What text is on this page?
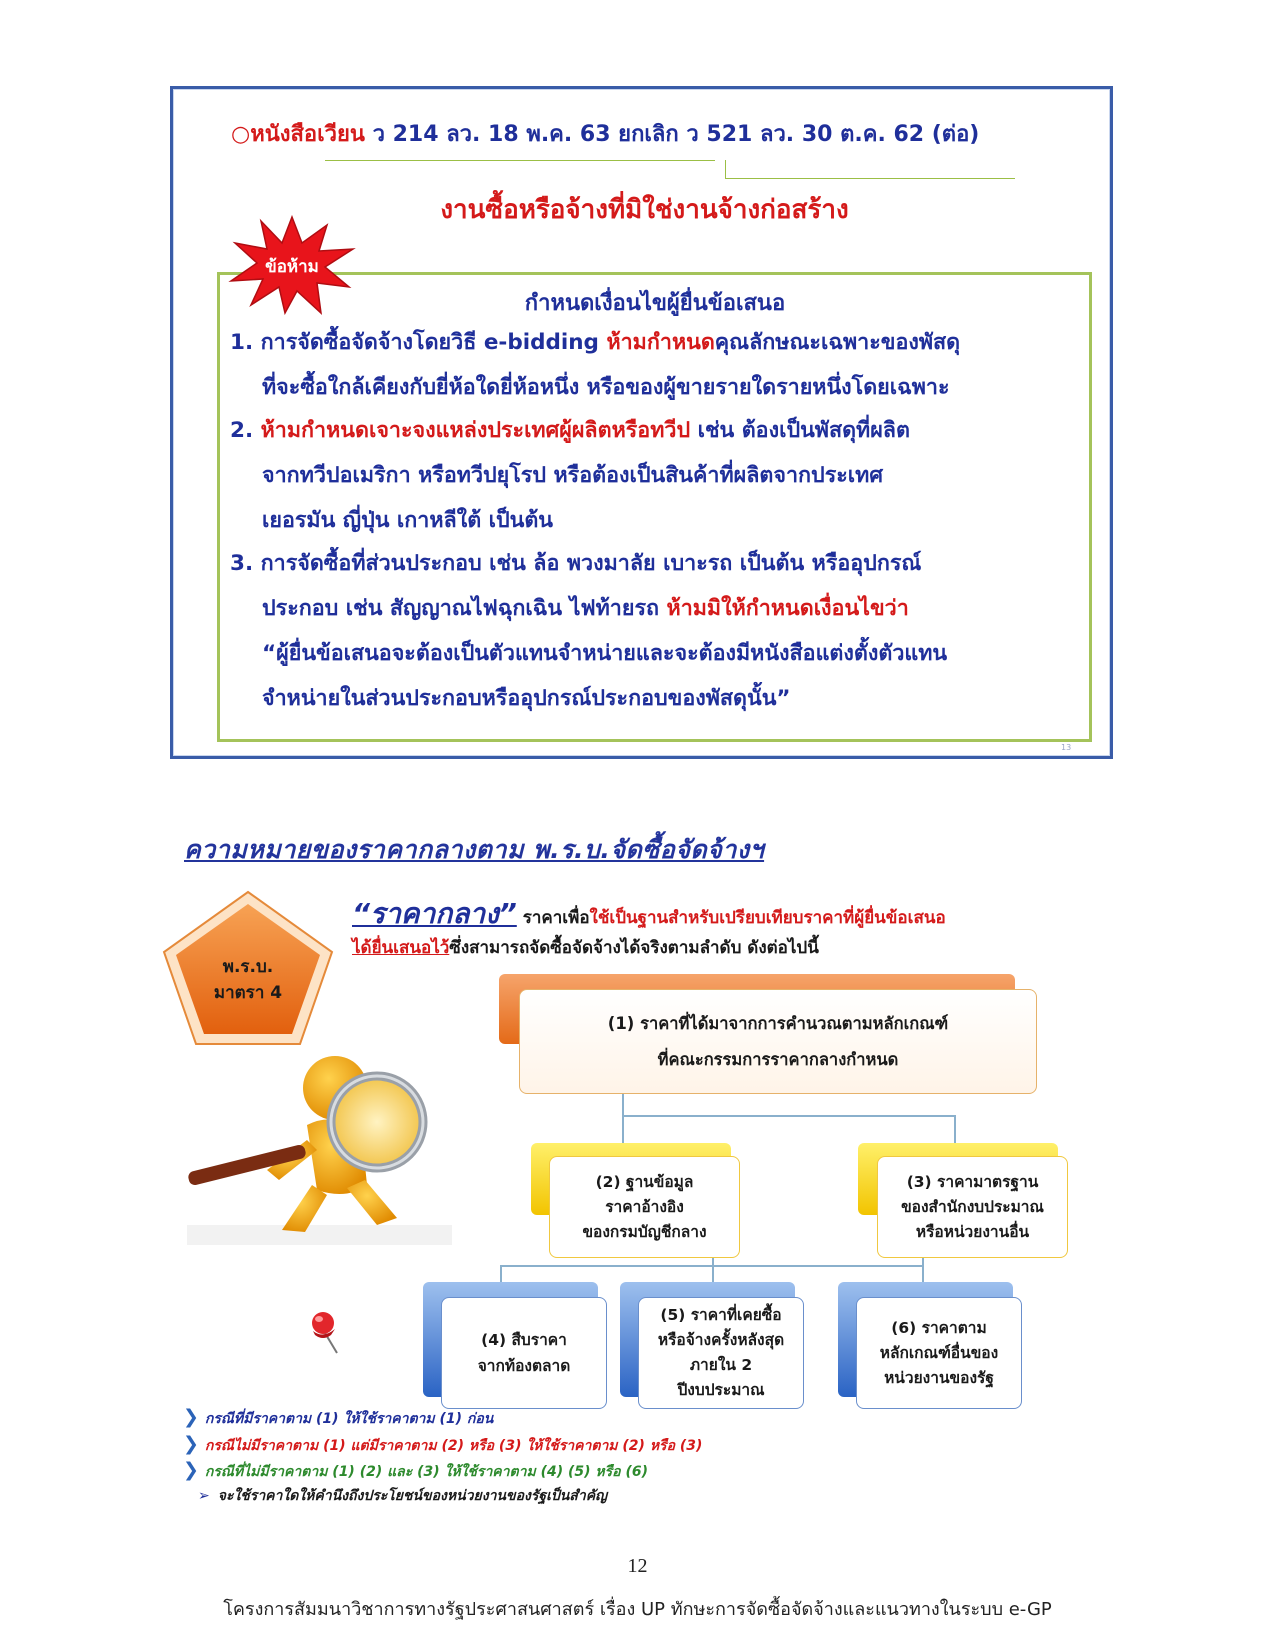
○หนังสือเวียน ว 214 ลว. 18 พ.ค. 63 ยกเลิก ว 521 ลว. 30 ต.ค. 62 (ต่อ)
งานซื้อหรือจ้างที่มิใช่งานจ้างก่อสร้าง
กำหนดเงื่อนไขผู้ยื่นข้อเสนอ
1. การจัดซื้อจัดจ้างโดยวิธี e-bidding ห้ามกำหนดคุณลักษณะเฉพาะของพัสดุ
ที่จะซื้อใกล้เคียงกับยี่ห้อใดยี่ห้อหนึ่ง หรือของผู้ขายรายใดรายหนึ่งโดยเฉพาะ
2. ห้ามกำหนดเจาะจงแหล่งประเทศผู้ผลิตหรือทวีป เช่น ต้องเป็นพัสดุที่ผลิต
จากทวีปอเมริกา หรือทวีปยุโรป หรือต้องเป็นสินค้าที่ผลิตจากประเทศ
เยอรมัน ญี่ปุ่น เกาหลีใต้ เป็นต้น
3. การจัดซื้อที่ส่วนประกอบ เช่น ล้อ พวงมาลัย เบาะรถ เป็นต้น หรืออุปกรณ์
ประกอบ เช่น สัญญาณไฟฉุกเฉิน ไฟท้ายรถ ห้ามมิให้กำหนดเงื่อนไขว่า
“ผู้ยื่นข้อเสนอจะต้องเป็นตัวแทนจำหน่ายและจะต้องมีหนังสือแต่งตั้งตัวแทน
จำหน่ายในส่วนประกอบหรืออุปกรณ์ประกอบของพัสดุนั้น”
ข้อห้าม
13
ความหมายของราคากลางตาม พ.ร.บ.จัดซื้อจัดจ้างฯ
พ.ร.บ.
มาตรา 4
“ราคากลาง” ราคาเพื่อใช้เป็นฐานสำหรับเปรียบเทียบราคาที่ผู้ยื่นข้อเสนอ
ได้ยื่นเสนอไว้ซึ่งสามารถจัดซื้อจัดจ้างได้จริงตามลำดับ ดังต่อไปนี้
(1) ราคาที่ได้มาจากการคำนวณตามหลักเกณฑ์
ที่คณะกรรมการราคากลางกำหนด
(2) ฐานข้อมูล
ราคาอ้างอิง
ของกรมบัญชีกลาง
(3) ราคามาตรฐาน
ของสำนักงบประมาณ
หรือหน่วยงานอื่น
(4) สืบราคา
จากท้องตลาด
(5) ราคาที่เคยซื้อ
หรือจ้างครั้งหลังสุด
ภายใน 2
ปีงบประมาณ
(6) ราคาตาม
หลักเกณฑ์อื่นของ
หน่วยงานของรัฐ
❯ กรณีที่มีราคาตาม (1) ให้ใช้ราคาตาม (1) ก่อน
❯ กรณีไม่มีราคาตาม (1) แต่มีราคาตาม (2) หรือ (3) ให้ใช้ราคาตาม (2) หรือ (3)
❯ กรณีที่ไม่มีราคาตาม (1) (2) และ (3) ให้ใช้ราคาตาม (4) (5) หรือ (6)
➢ จะใช้ราคาใดให้คำนึงถึงประโยชน์ของหน่วยงานของรัฐเป็นสำคัญ
12
โครงการสัมมนาวิชาการทางรัฐประศาสนศาสตร์ เรื่อง UP ทักษะการจัดซื้อจัดจ้างและแนวทางในระบบ e-GP
